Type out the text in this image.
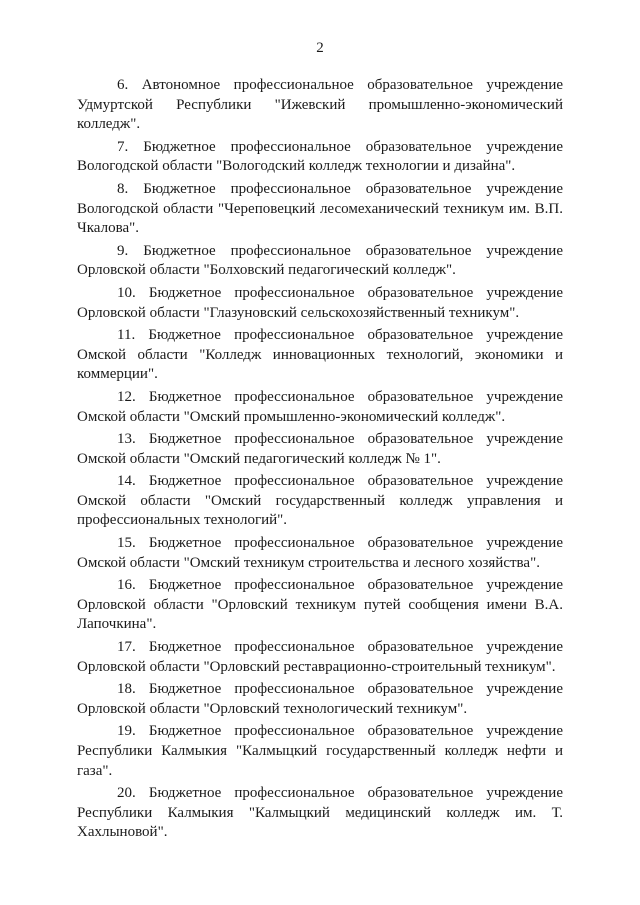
2

6. Автономное профессиональное образовательное учреждение Удмуртской Республики "Ижевский промышленно-экономический колледж".

7. Бюджетное профессиональное образовательное учреждение Вологодской области "Вологодский колледж технологии и дизайна".

8. Бюджетное профессиональное образовательное учреждение Вологодской области "Череповецкий лесомеханический техникум им. В.П. Чкалова".

9. Бюджетное профессиональное образовательное учреждение Орловской области "Болховский педагогический колледж".

10. Бюджетное профессиональное образовательное учреждение Орловской области "Глазуновский сельскохозяйственный техникум".

11. Бюджетное профессиональное образовательное учреждение Омской области "Колледж инновационных технологий, экономики и коммерции".

12. Бюджетное профессиональное образовательное учреждение Омской области "Омский промышленно-экономический колледж".

13. Бюджетное профессиональное образовательное учреждение Омской области "Омский педагогический колледж № 1".

14. Бюджетное профессиональное образовательное учреждение Омской области "Омский государственный колледж управления и профессиональных технологий".

15. Бюджетное профессиональное образовательное учреждение Омской области "Омский техникум строительства и лесного хозяйства".

16. Бюджетное профессиональное образовательное учреждение Орловской области "Орловский техникум путей сообщения имени В.А. Лапочкина".

17. Бюджетное профессиональное образовательное учреждение Орловской области "Орловский реставрационно-строительный техникум".

18. Бюджетное профессиональное образовательное учреждение Орловской области "Орловский технологический техникум".

19. Бюджетное профессиональное образовательное учреждение Республики Калмыкия "Калмыцкий государственный колледж нефти и газа".

20. Бюджетное профессиональное образовательное учреждение Республики Калмыкия "Калмыцкий медицинский колледж им. Т. Хахлыновой".
